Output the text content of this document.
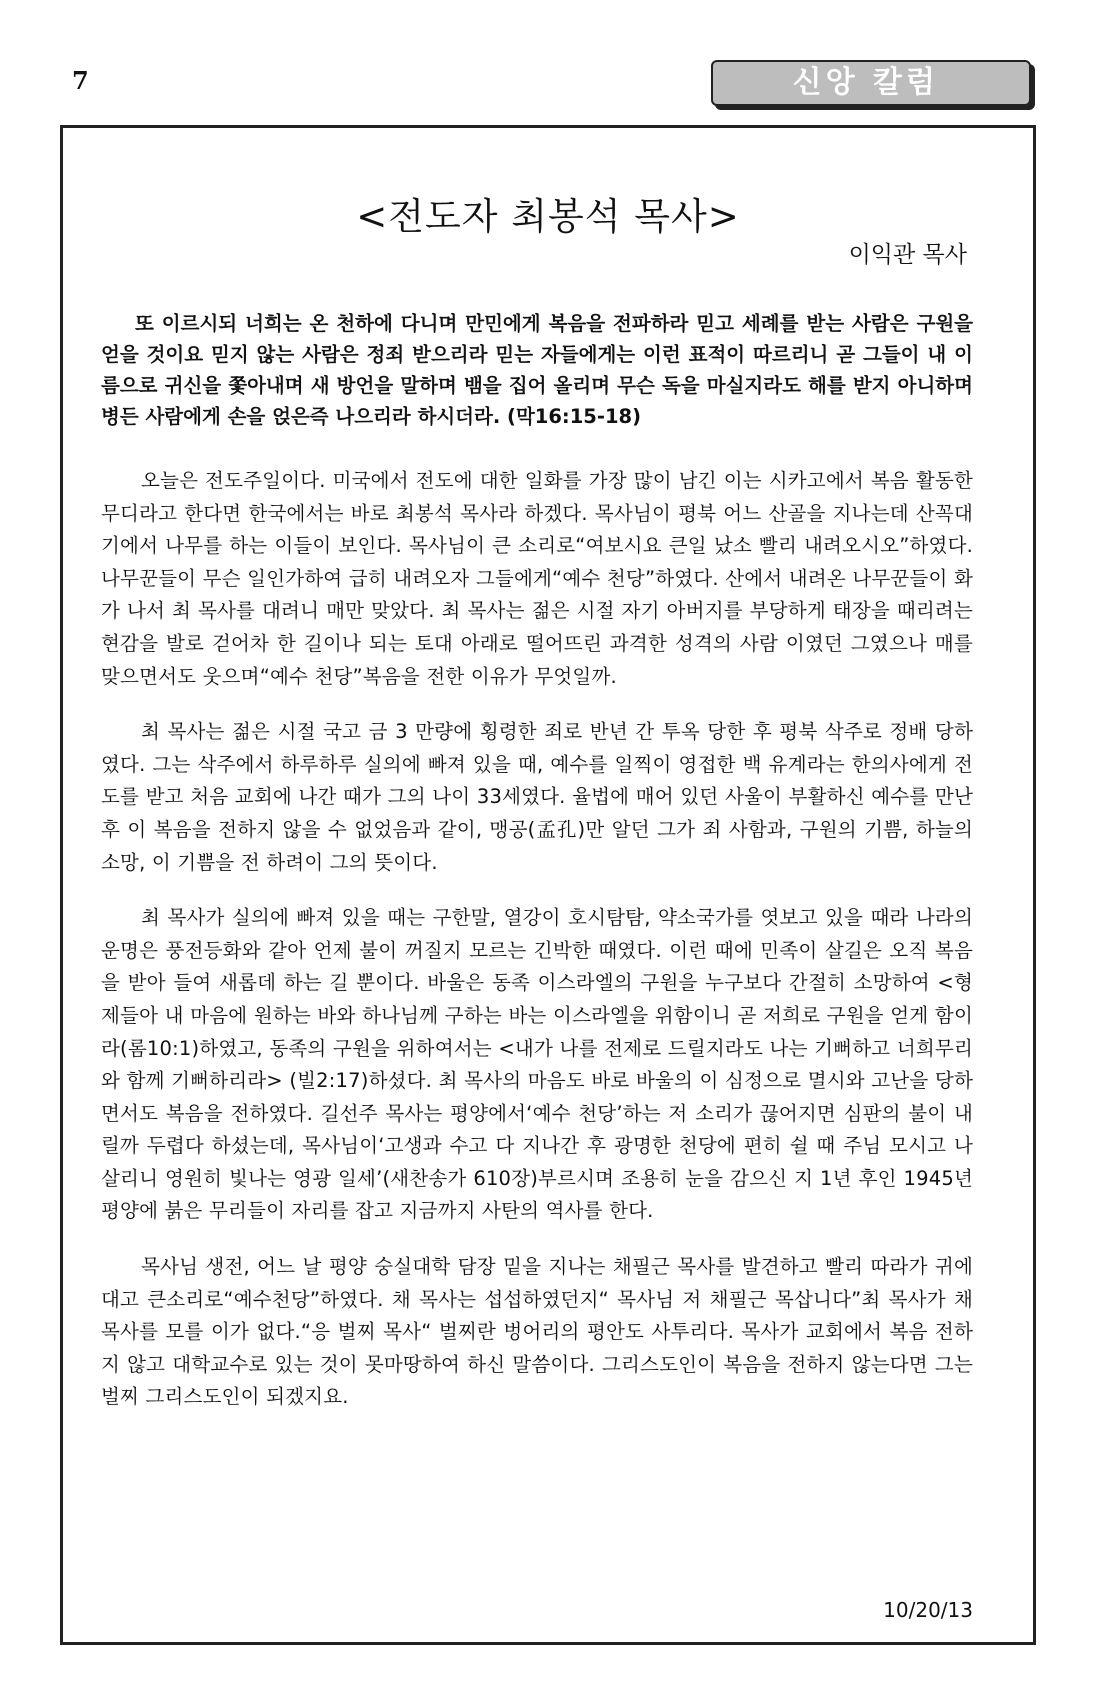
7	신앙 칼럼
<전도자 최봉석 목사>
이익관 목사
또 이르시되 너희는 온 천하에 다니며 만민에게 복음을 전파하라 믿고 세례를 받는 사람은 구원을 얻을 것이요 믿지 않는 사람은 정죄 받으리라 믿는 자들에게는 이런 표적이 따르리니 곧 그들이 내 이름으로 귀신을 쫓아내며 새 방언을 말하며 뱀을 집어 올리며 무슨 독을 마실지라도 해를 받지 아니하며 병든 사람에게 손을 얹은즉 나으리라 하시더라. (막16:15-18)

오늘은 전도주일이다. 미국에서 전도에 대한 일화를 가장 많이 남긴 이는 시카고에서 복음 활동한 무디라고 한다면 한국에서는 바로 최봉석 목사라 하겠다. 목사님이 평북 어느 산골을 지나는데 산꼭대기에서 나무를 하는 이들이 보인다. 목사님이 큰 소리로“여보시요 큰일 났소 빨리 내려오시오”하였다. 나무꾼들이 무슨 일인가하여 급히 내려오자 그들에게“예수 천당”하였다. 산에서 내려온 나무꾼들이 화가 나서 최 목사를 대려니 매만 맞았다. 최 목사는 젊은 시절 자기 아버지를 부당하게 태장을 때리려는 현감을 발로 걷어차 한 길이나 되는 토대 아래로 떨어뜨린 과격한 성격의 사람 이였던 그였으나 매를 맞으면서도 웃으며“예수 천당”복음을 전한 이유가 무엇일까.

최 목사는 젊은 시절 국고 금 3 만량에 횡령한 죄로 반년 간 투옥 당한 후 평북 삭주로 정배 당하였다. 그는 삭주에서 하루하루 실의에 빠져 있을 때, 예수를 일찍이 영접한 백 유계라는 한의사에게 전도를 받고 처음 교회에 나간 때가 그의 나이 33세였다. 율법에 매어 있던 사울이 부활하신 예수를 만난 후 이 복음을 전하지 않을 수 없었음과 같이, 맹공(孟孔)만 알던 그가 죄 사함과, 구원의 기쁨, 하늘의 소망, 이 기쁨을 전 하려이 그의 뜻이다.

최 목사가 실의에 빠져 있을 때는 구한말, 열강이 호시탐탐, 약소국가를 엿보고 있을 때라 나라의 운명은 풍전등화와 같아 언제 불이 꺼질지 모르는 긴박한 때였다. 이런 때에 민족이 살길은 오직 복음을 받아 들여 새롭데 하는 길 뿐이다. 바울은 동족 이스라엘의 구원을 누구보다 간절히 소망하여 <형제들아 내 마음에 원하는 바와 하나님께 구하는 바는 이스라엘을 위함이니 곧 저희로 구원을 얻게 함이라(롬10:1)하였고, 동족의 구원을 위하여서는 <내가 나를 전제로 드릴지라도 나는 기뻐하고 너희무리와 함께 기뻐하리라> (빌2:17)하셨다. 최 목사의 마음도 바로 바울의 이 심정으로 멸시와 고난을 당하면서도 복음을 전하였다. 길선주 목사는 평양에서‘예수 천당’하는 저 소리가 끊어지면 심판의 불이 내릴까 두렵다 하셨는데, 목사님이‘고생과 수고 다 지나간 후 광명한 천당에 편히 쉴 때 주님 모시고 나 살리니 영원히 빛나는 영광 일세’(새찬송가 610장)부르시며 조용히 눈을 감으신 지 1년 후인 1945년 평양에 붉은 무리들이 자리를 잡고 지금까지 사탄의 역사를 한다.

목사님 생전, 어느 날 평양 숭실대학 담장 밑을 지나는 채필근 목사를 발견하고 빨리 따라가 귀에 대고 큰소리로“예수천당”하였다. 채 목사는 섭섭하였던지“ 목사님 저 채필근 목삽니다”최 목사가 채 목사를 모를 이가 없다.“응 벌찌 목사“ 벌찌란 벙어리의 평안도 사투리다. 목사가 교회에서 복음 전하지 않고 대학교수로 있는 것이 못마땅하여 하신 말씀이다. 그리스도인이 복음을 전하지 않는다면 그는 벌찌 그리스도인이 되겠지요.

10/20/13
